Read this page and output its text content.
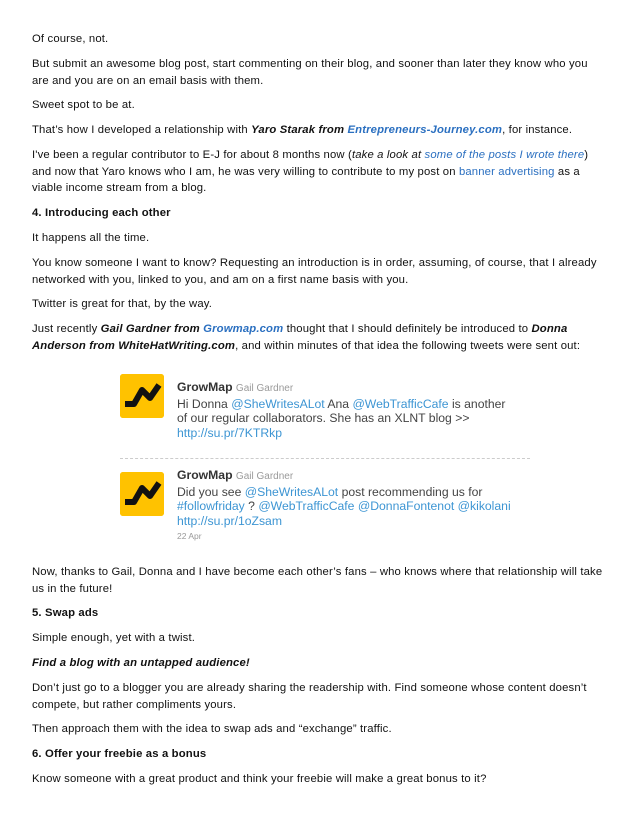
Of course, not.

But submit an awesome blog post, start commenting on their blog, and sooner than later they know who you are and you are on an email basis with them.

Sweet spot to be at.

That’s how I developed a relationship with Yaro Starak from Entrepreneurs-Journey.com, for instance.

I've been a regular contributor to E-J for about 8 months now (take a look at some of the posts I wrote there) and now that Yaro knows who I am, he was very willing to contribute to my post on banner advertising as a viable income stream from a blog.

4. Introducing each other

It happens all the time.

You know someone I want to know? Requesting an introduction is in order, assuming, of course, that I already networked with you, linked to you, and am on a first name basis with you.

Twitter is great for that, by the way.

Just recently Gail Gardner from Growmap.com thought that I should definitely be introduced to Donna Anderson from WhiteHatWriting.com, and within minutes of that idea the following tweets were sent out:

GrowMap Gail Gardner
Hi Donna @SheWritesALot Ana @WebTrafficCafe is another of our regular collaborators. She has an XLNT blog >> http://su.pr/7KTRkp
GrowMap Gail Gardner
Did you see @SheWritesALot post recommending us for #followfriday ? @WebTrafficCafe @DonnaFontenot @kikolani
http://su.pr/1oZsam
22 Apr

Now, thanks to Gail, Donna and I have become each other’s fans – who knows where that relationship will take us in the future!

5. Swap ads

Simple enough, yet with a twist.

Find a blog with an untapped audience!

Don’t just go to a blogger you are already sharing the readership with. Find someone whose content doesn’t compete, but rather compliments yours.

Then approach them with the idea to swap ads and “exchange” traffic.

6. Offer your freebie as a bonus

Know someone with a great product and think your freebie will make a great bonus to it?
